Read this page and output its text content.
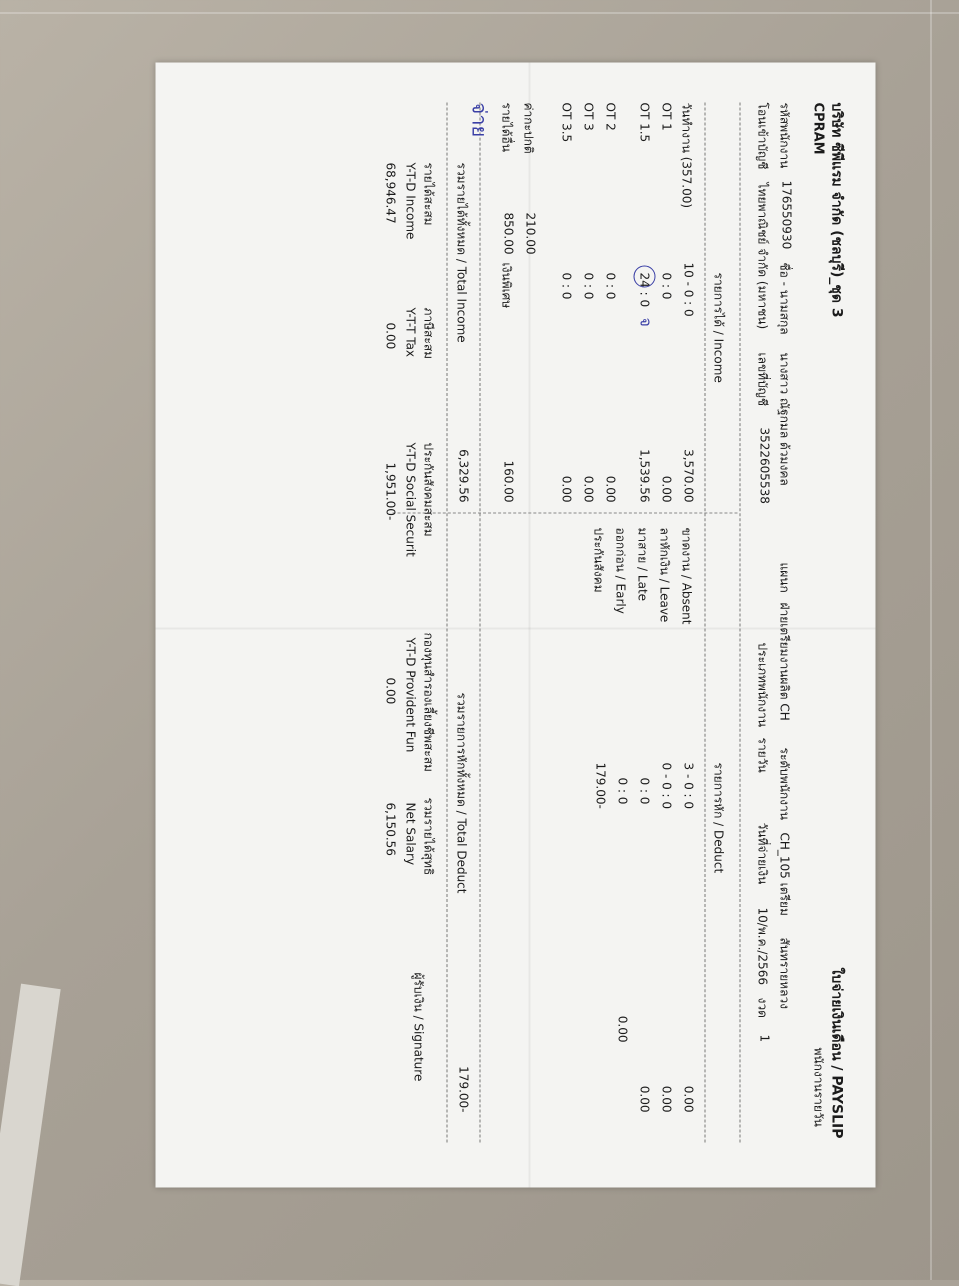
บริษัท ซีพีแรม จำกัด (ชลบุรี)_ชุด 3
CPRAM
ใบจ่ายเงินเดือน / PAYSLIP
พนักงานรายวัน
รหัสพนักงาน
176550930
ชื่อ - นามสกุล
นางสาว ณัฐกมล ด้วมงคล
แผนก
ฝ่ายเตรียมงานผลิต CH
ระดับพนักงาน
CH_105 เตรียม
สันทรายหลวง
โอนเข้าบัญชี
ไทยพาณิชย์ จำกัด (มหาชน)
เลขที่บัญชี
3522605538
ประเภทพนักงาน
รายวัน
วันที่จ่ายเงิน
10/พ.ค./2566
งวด
1
รายการได้ / Income
รายการหัก / Deduct
วันทำงาน (357.00)
10 - 0 : 0
3,570.00
OT 1
0 : 0
0.00
OT 1.5
24 : 0
1,539.56
OT 2
0 : 0
0.00
OT 3
0 : 0
0.00
OT 3.5
0 : 0
0.00
ค่ากะปกติ
210.00
รายได้อื่น
850.00
เงินพิเศษ
160.00
ขาดงาน / Absent
3 - 0 : 0
0.00
ลาหักเงิน / Leave
0 - 0 : 0
0.00
มาสาย / Late
0 : 0
0.00
ออกก่อน / Early
0 : 0
0.00
ประกันสังคม
179.00-
รวมรายได้ทั้งหมด / Total Income
6,329.56
รวมรายการหักทั้งหมด / Total Deduct
179.00-
รายได้สะสม
Y-T-D Income
68,946.47
ภาษีสะสม
Y-T-T Tax
0.00
ประกันสังคมสะสม
Y-T-D Social Securit
1,951.00-
กองทุนสำรองเลี้ยงชีพสะสม
Y-T-D Provident Fun
0.00
รวมรายได้สุทธิ
Net Salary
6,150.56
ผู้รับเงิน / Signature
จ่าย
จ
